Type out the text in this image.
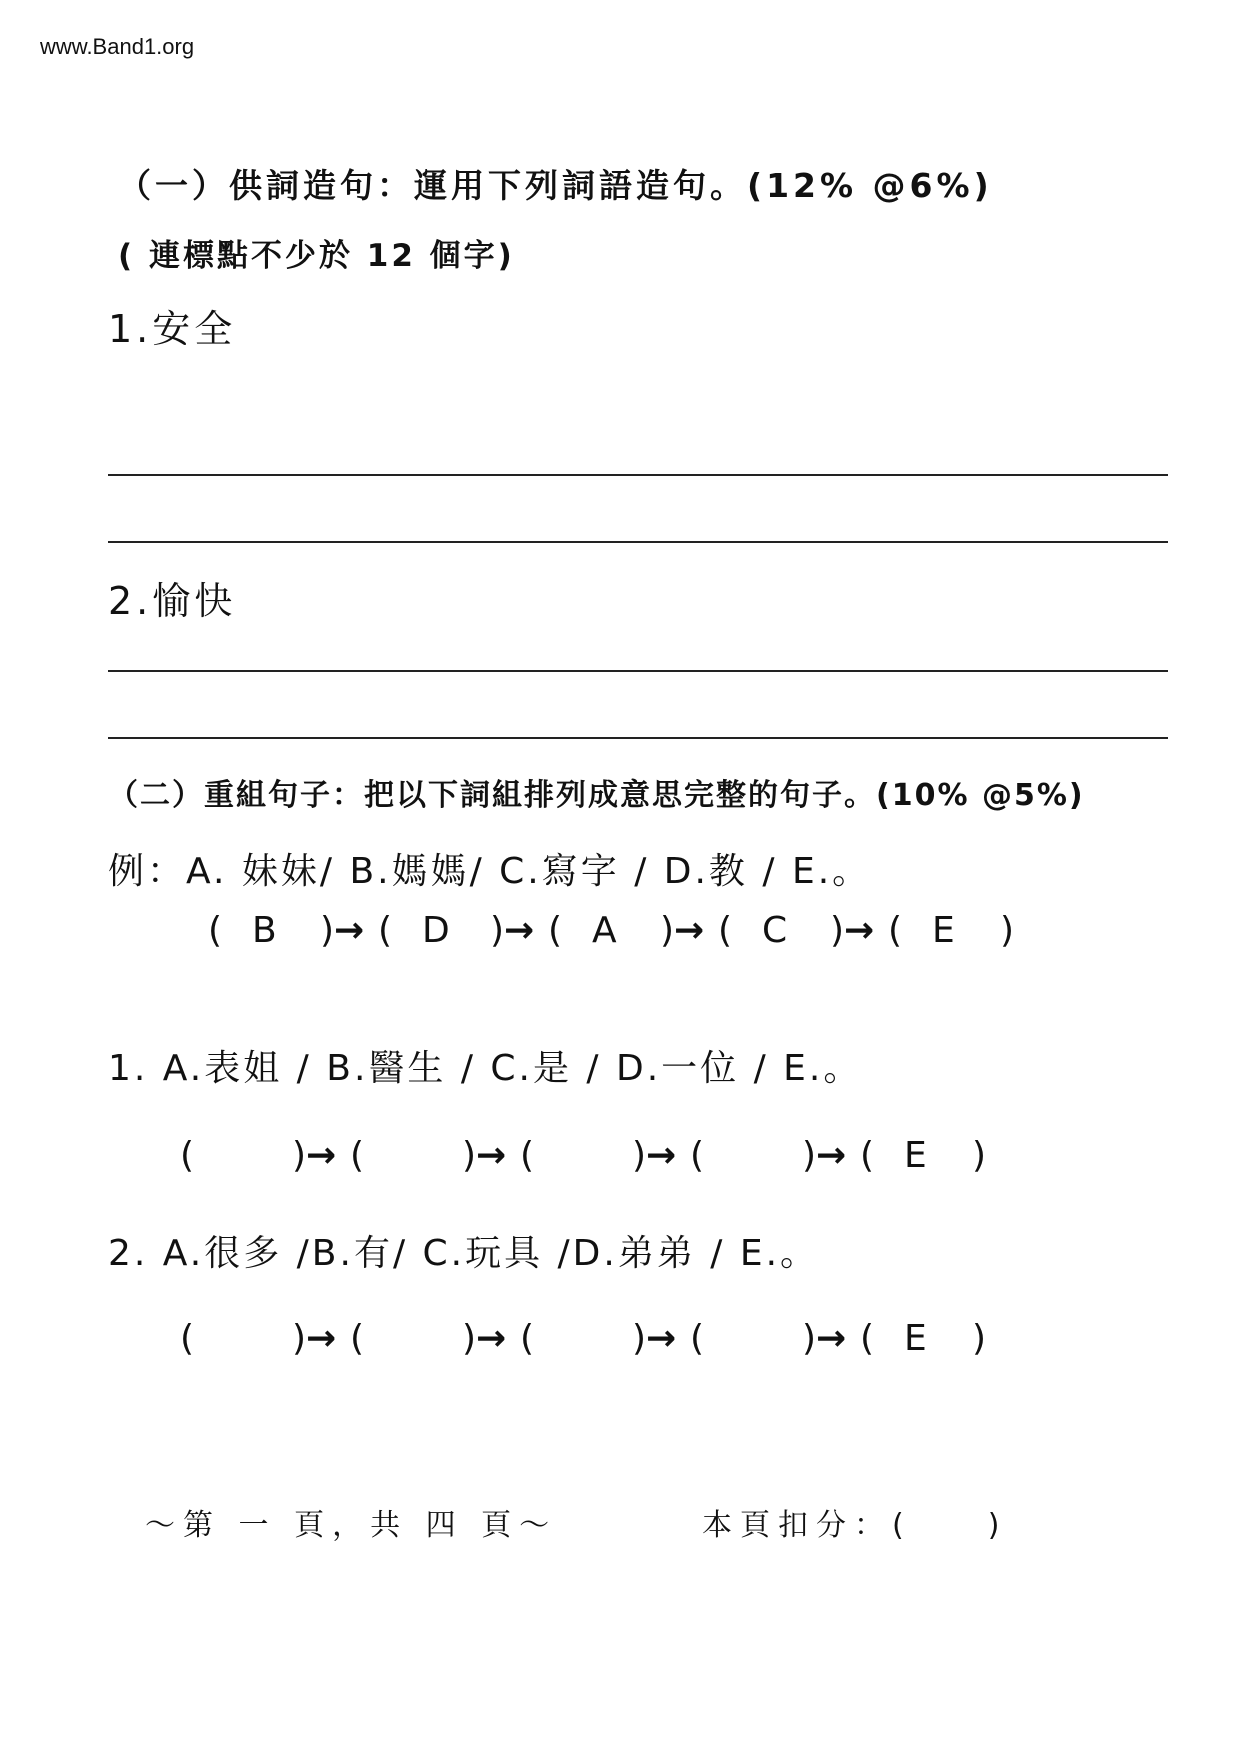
www.Band1.org
（一）供詞造句：運用下列詞語造句。(12% @6%)
( 連標點不少於 12 個字)
1.安全
2.愉快
（二）重組句子：把以下詞組排列成意思完整的句子。(10% @5%)
例：A. 妹妹/ B.媽媽/ C.寫字 / D.教 / E.。
( B ) → ( D ) → ( A ) → ( C ) → ( E )
1. A.表姐 / B.醫生 / C.是 / D.一位 / E.。
(	) → (	) → (	) → (	) → ( E )
2. A.很多 /B.有/ C.玩具 /D.弟弟 / E.。
(	) → (	) → (	) → (	) → ( E )
～第 一 頁，共 四 頁～	本頁扣分：(　　)
